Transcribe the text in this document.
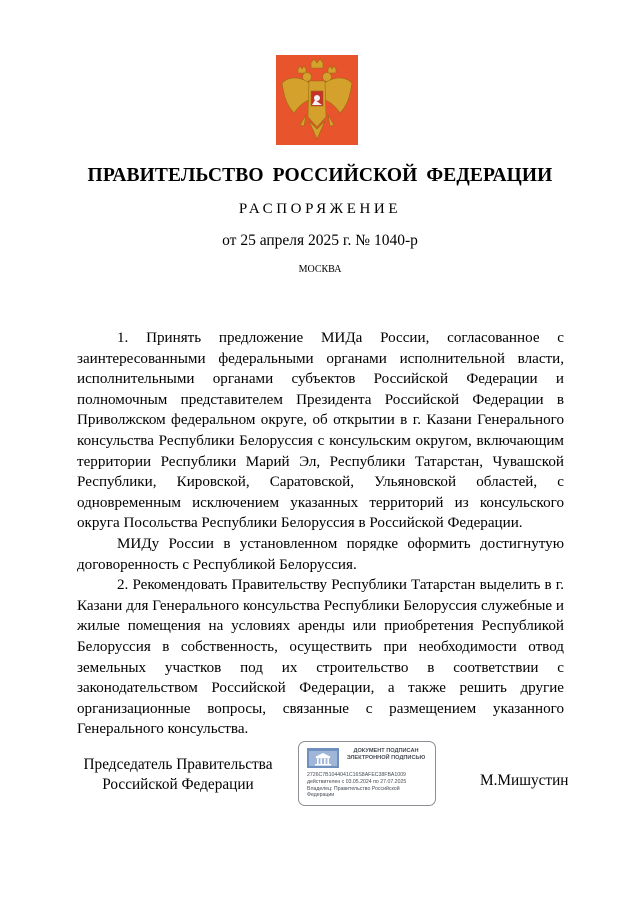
ПРАВИТЕЛЬСТВО РОССИЙСКОЙ ФЕДЕРАЦИИ
РАСПОРЯЖЕНИЕ
от 25 апреля 2025 г. № 1040-р
МОСКВА

1. Принять предложение МИДа России, согласованное с заинтересованными федеральными органами исполнительной власти, исполнительными органами субъектов Российской Федерации и полномочным представителем Президента Российской Федерации в Приволжском федеральном округе, об открытии в г. Казани Генерального консульства Республики Белоруссия с консульским округом, включающим территории Республики Марий Эл, Республики Татарстан, Чувашской Республики, Кировской, Саратовской, Ульяновской областей, с одновременным исключением указанных территорий из консульского округа Посольства Республики Белоруссия в Российской Федерации.

МИДу России в установленном порядке оформить достигнутую договоренность с Республикой Белоруссия.

2. Рекомендовать Правительству Республики Татарстан выделить в г. Казани для Генерального консульства Республики Белоруссия служебные и жилые помещения на условиях аренды или приобретения Республикой Белоруссия в собственность, осуществить при необходимости отвод земельных участков под их строительство в соответствии с законодательством Российской Федерации, а также решить другие организационные вопросы, связанные с размещением указанного Генерального консульства.

Председатель Правительства
Российской Федерации
ДОКУМЕНТ ПОДПИСАН
ЭЛЕКТРОННОЙ ПОДПИСЬЮ
2726C7B1044041C16S8AFEC38FBA1009
действителен с 03.05.2024 по 27.07.2025
Владелец: Правительство Российской
Федерации
М.Мишустин
